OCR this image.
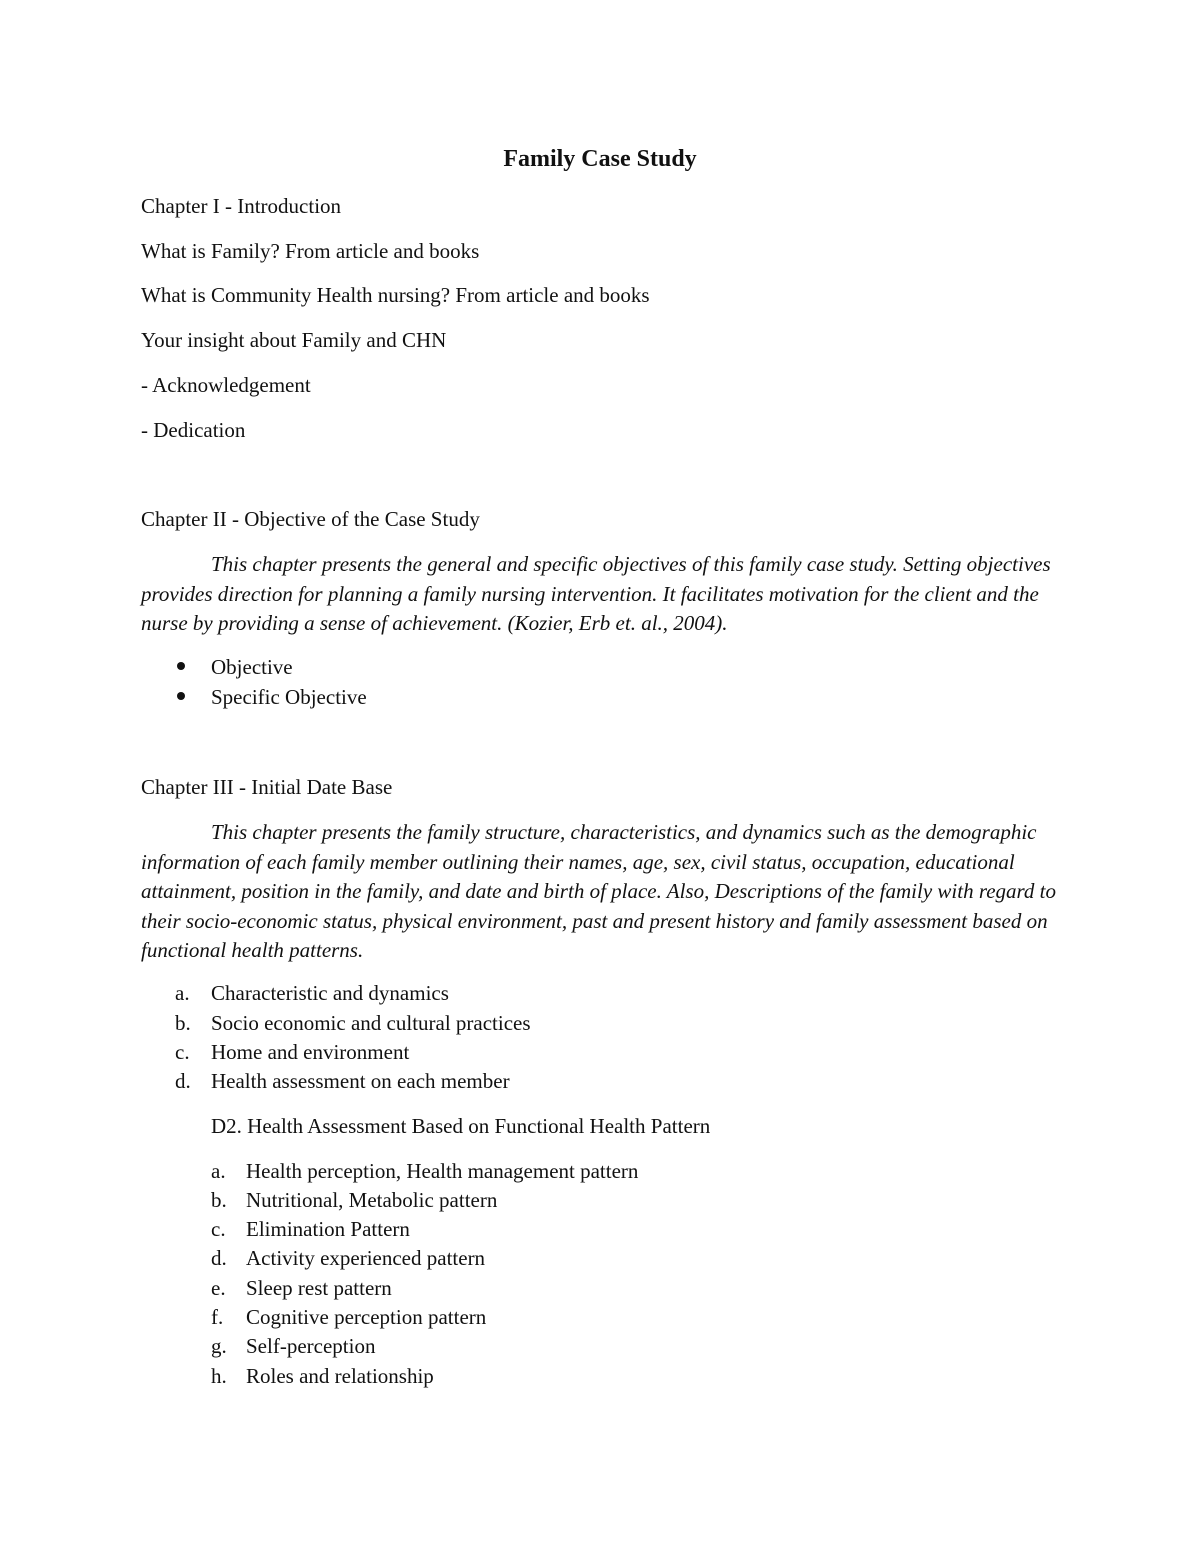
Family Case Study
Chapter I - Introduction
What is Family? From article and books
What is Community Health nursing? From article and books
Your insight about Family and CHN
- Acknowledgement
- Dedication
Chapter II - Objective of the Case Study
This chapter presents the general and specific objectives of this family case study. Setting objectives provides direction for planning a family nursing intervention. It facilitates motivation for the client and the nurse by providing a sense of achievement. (Kozier, Erb et. al., 2004).
Objective
Specific Objective
Chapter III - Initial Date Base
This chapter presents the family structure, characteristics, and dynamics such as the demographic information of each family member outlining their names, age, sex, civil status, occupation, educational attainment, position in the family, and date and birth of place. Also, Descriptions of the family with regard to their socio-economic status, physical environment, past and present history and family assessment based on functional health patterns.
a. Characteristic and dynamics
b. Socio economic and cultural practices
c. Home and environment
d. Health assessment on each member
D2. Health Assessment Based on Functional Health Pattern
a. Health perception, Health management pattern
b. Nutritional, Metabolic pattern
c. Elimination Pattern
d. Activity experienced pattern
e. Sleep rest pattern
f. Cognitive perception pattern
g. Self-perception
h. Roles and relationship
